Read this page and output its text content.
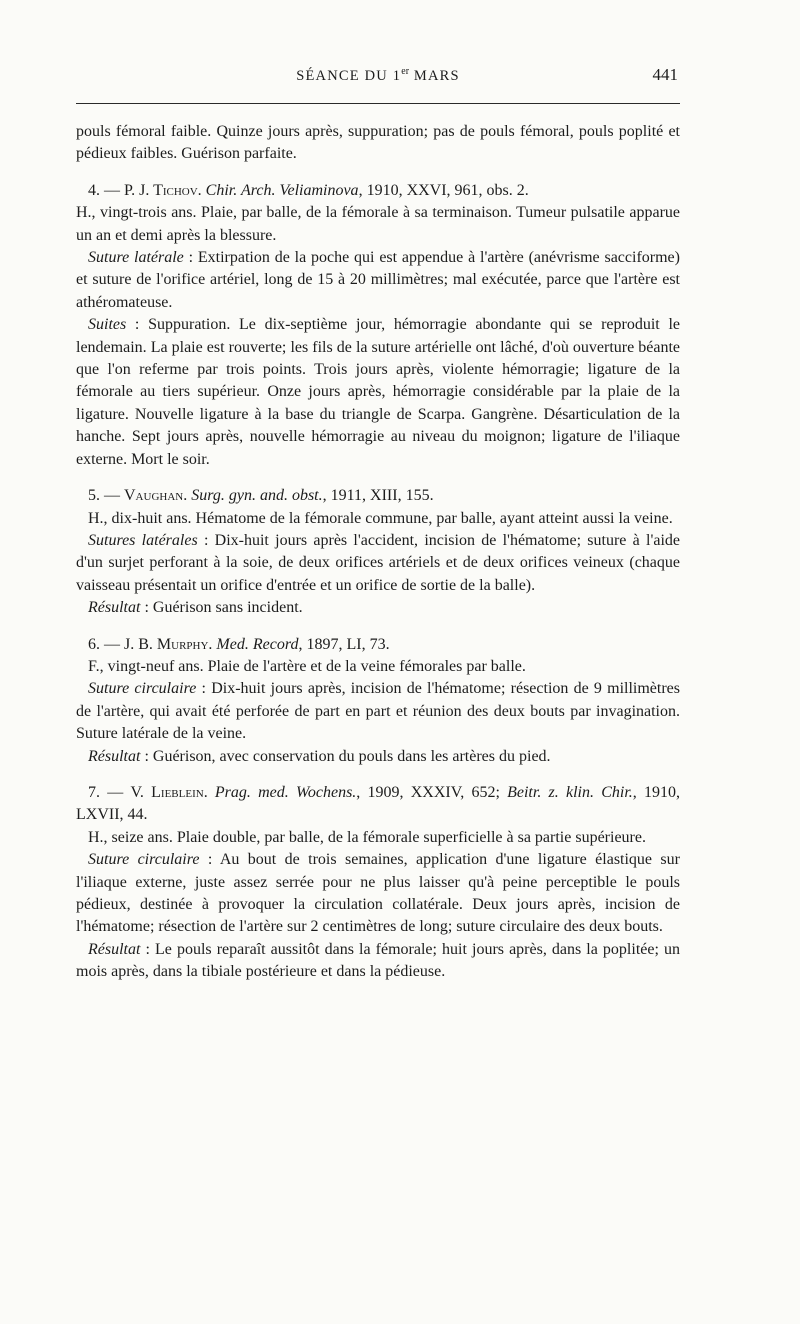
SÉANCE DU 1er MARS	441

pouls fémoral faible. Quinze jours après, suppuration; pas de pouls fémoral, pouls poplité et pédieux faibles. Guérison parfaite.

4. — P. J. Tichov. Chir. Arch. Veliaminova, 1910, XXVI, 961, obs. 2.

H., vingt-trois ans. Plaie, par balle, de la fémorale à sa terminaison. Tumeur pulsatile apparue un an et demi après la blessure.

Suture latérale : Extirpation de la poche qui est appendue à l'artère (anévrisme sacciforme) et suture de l'orifice artériel, long de 15 à 20 millimètres; mal exécutée, parce que l'artère est athéromateuse.

Suites : Suppuration. Le dix-septième jour, hémorragie abondante qui se reproduit le lendemain. La plaie est rouverte; les fils de la suture artérielle ont lâché, d'où ouverture béante que l'on referme par trois points. Trois jours après, violente hémorragie; ligature de la fémorale au tiers supérieur. Onze jours après, hémorragie considérable par la plaie de la ligature. Nouvelle ligature à la base du triangle de Scarpa. Gangrène. Désarticulation de la hanche. Sept jours après, nouvelle hémorragie au niveau du moignon; ligature de l'iliaque externe. Mort le soir.

5. — Vaughan. Surg. gyn. and. obst., 1911, XIII, 155.

H., dix-huit ans. Hématome de la fémorale commune, par balle, ayant atteint aussi la veine.

Sutures latérales : Dix-huit jours après l'accident, incision de l'hématome; suture à l'aide d'un surjet perforant à la soie, de deux orifices artériels et de deux orifices veineux (chaque vaisseau présentait un orifice d'entrée et un orifice de sortie de la balle).

Résultat : Guérison sans incident.

6. — J. B. Murphy. Med. Record, 1897, LI, 73.

F., vingt-neuf ans. Plaie de l'artère et de la veine fémorales par balle.

Suture circulaire : Dix-huit jours après, incision de l'hématome; résection de 9 millimètres de l'artère, qui avait été perforée de part en part et réunion des deux bouts par invagination. Suture latérale de la veine.

Résultat : Guérison, avec conservation du pouls dans les artères du pied.

7. — V. Lieblein. Prag. med. Wochens., 1909, XXXIV, 652; Beitr. z. klin. Chir., 1910, LXVII, 44.

H., seize ans. Plaie double, par balle, de la fémorale superficielle à sa partie supérieure.

Suture circulaire : Au bout de trois semaines, application d'une ligature élastique sur l'iliaque externe, juste assez serrée pour ne plus laisser qu'à peine perceptible le pouls pédieux, destinée à provoquer la circulation collatérale. Deux jours après, incision de l'hématome; résection de l'artère sur 2 centimètres de long; suture circulaire des deux bouts.

Résultat : Le pouls reparaît aussitôt dans la fémorale; huit jours après, dans la poplitée; un mois après, dans la tibiale postérieure et dans la pédieuse.
